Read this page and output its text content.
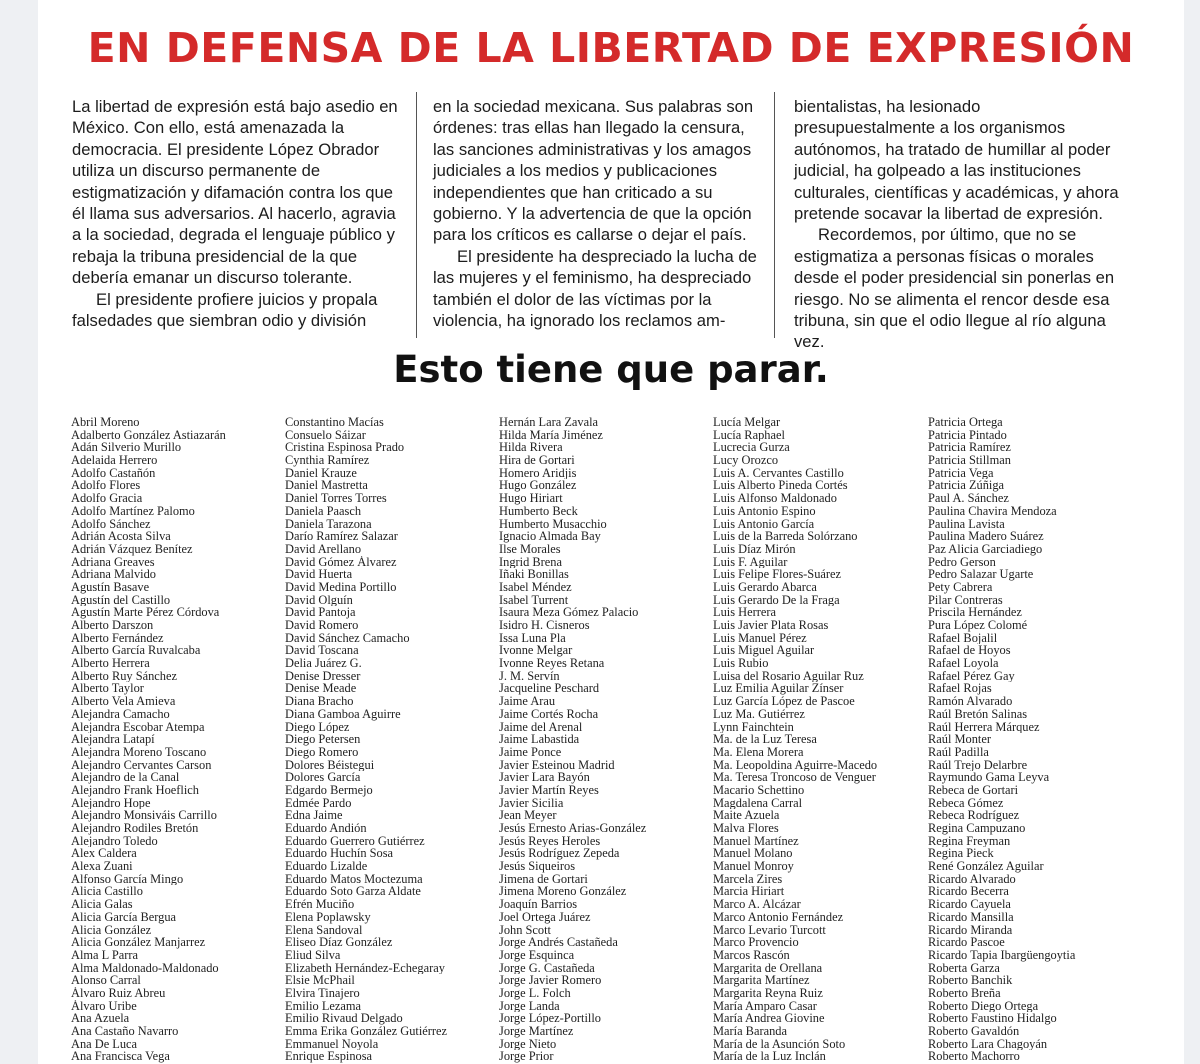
EN DEFENSA DE LA LIBERTAD DE EXPRESIÓN

La libertad de expresión está bajo asedio en México. Con ello, está amenazada la democracia. El presidente López Obrador utiliza un discurso permanente de estigmatización y difamación contra los que él llama sus adversarios. Al hacerlo, agravia a la sociedad, degrada el lenguaje público y rebaja la tribuna presidencial de la que debería emanar un discurso tolerante.

El presidente profiere juicios y propala falsedades que siembran odio y división

en la sociedad mexicana. Sus palabras son órdenes: tras ellas han llegado la censura, las sanciones administrativas y los amagos judiciales a los medios y publicaciones independientes que han criticado a su gobierno. Y la advertencia de que la opción para los críticos es callarse o dejar el país.

El presidente ha despreciado la lucha de las mujeres y el feminismo, ha despreciado también el dolor de las víctimas por la violencia, ha ignorado los reclamos am-

bientalistas, ha lesionado presupuestalmente a los organismos autónomos, ha tratado de humillar al poder judicial, ha golpeado a las instituciones culturales, científicas y académicas, y ahora pretende socavar la libertad de expresión.

Recordemos, por último, que no se estigmatiza a personas físicas o morales desde el poder presidencial sin ponerlas en riesgo. No se alimenta el rencor desde esa tribuna, sin que el odio llegue al río alguna vez.

Esto tiene que parar.
Abril Moreno
Adalberto González Astiazarán
Adán Silverio Murillo
Adelaida Herrero
Adolfo Castañón
Adolfo Flores
Adolfo Gracia
Adolfo Martínez Palomo
Adolfo Sánchez
Adrián Acosta Silva
Adrián Vázquez Benítez
Adriana Greaves
Adriana Malvido
Agustín Basave
Agustín del Castillo
Agustín Marte Pérez Córdova
Alberto Darszon
Alberto Fernández
Alberto García Ruvalcaba
Alberto Herrera
Alberto Ruy Sánchez
Alberto Taylor
Alberto Vela Amieva
Alejandra Camacho
Alejandra Escobar Atempa
Alejandra Latapí
Alejandra Moreno Toscano
Alejandro Cervantes Carson
Alejandro de la Canal
Alejandro Frank Hoeflich
Alejandro Hope
Alejandro Monsiváis Carrillo
Alejandro Rodiles Bretón
Alejandro Toledo
Alex Caldera
Alexa Zuani
Alfonso García Mingo
Alicia Castillo
Alicia Galas
Alicia García Bergua
Alicia González
Alicia González Manjarrez
Alma L Parra
Alma Maldonado-Maldonado
Alonso Carral
Álvaro Ruiz Abreu
Álvaro Uribe
Ana Azuela
Ana Castaño Navarro
Ana De Luca
Ana Francisca Vega
Constantino Macías
Consuelo Sáizar
Cristina Espinosa Prado
Cynthia Ramírez
Daniel Krauze
Daniel Mastretta
Daniel Torres Torres
Daniela Paasch
Daniela Tarazona
Darío Ramírez Salazar
David Arellano
David Gómez Álvarez
David Huerta
David Medina Portillo
David Olguín
David Pantoja
David Romero
David Sánchez Camacho
David Toscana
Delia Juárez G.
Denise Dresser
Denise Meade
Diana Bracho
Diana Gamboa Aguirre
Diego López
Diego Petersen
Diego Romero
Dolores Béistegui
Dolores García
Edgardo Bermejo
Edmée Pardo
Edna Jaime
Eduardo Andión
Eduardo Guerrero Gutiérrez
Eduardo Huchín Sosa
Eduardo Lizalde
Eduardo Matos Moctezuma
Eduardo Soto Garza Aldate
Efrén Muciño
Elena Poplawsky
Elena Sandoval
Eliseo Díaz González
Eliud Silva
Elizabeth Hernández-Echegaray
Elsie McPhail
Elvira Tinajero
Emilio Lezama
Emilio Rivaud Delgado
Emma Erika González Gutiérrez
Emmanuel Noyola
Enrique Espinosa
Hernán Lara Zavala
Hilda María Jiménez
Hilda Rivera
Hira de Gortari
Homero Aridjis
Hugo González
Hugo Hiriart
Humberto Beck
Humberto Musacchio
Ignacio Almada Bay
Ilse Morales
Ingrid Brena
Iñaki Bonillas
Isabel Méndez
Isabel Turrent
Isaura Meza Gómez Palacio
Isidro H. Cisneros
Issa Luna Pla
Ivonne Melgar
Ivonne Reyes Retana
J. M. Servín
Jacqueline Peschard
Jaime Arau
Jaime Cortés Rocha
Jaime del Arenal
Jaime Labastida
Jaime Ponce
Javier Esteinou Madrid
Javier Lara Bayón
Javier Martín Reyes
Javier Sicilia
Jean Meyer
Jesús Ernesto Arias-González
Jesús Reyes Heroles
Jesús Rodríguez Zepeda
Jesús Siqueiros
Jimena de Gortari
Jimena Moreno González
Joaquín Barrios
Joel Ortega Juárez
John Scott
Jorge Andrés Castañeda
Jorge Esquinca
Jorge G. Castañeda
Jorge Javier Romero
Jorge L. Folch
Jorge Landa
Jorge López-Portillo
Jorge Martínez
Jorge Nieto
Jorge Prior
Lucía Melgar
Lucía Raphael
Lucrecia Gurza
Lucy Orozco
Luis A. Cervantes Castillo
Luis Alberto Pineda Cortés
Luis Alfonso Maldonado
Luis Antonio Espino
Luis Antonio García
Luis de la Barreda Solórzano
Luis Díaz Mirón
Luis F. Aguilar
Luis Felipe Flores-Suárez
Luis Gerardo Abarca
Luis Gerardo De la Fraga
Luis Herrera
Luis Javier Plata Rosas
Luis Manuel Pérez
Luis Miguel Aguilar
Luis Rubio
Luisa del Rosario Aguilar Ruz
Luz Emilia Aguilar Zínser
Luz García López de Pascoe
Luz Ma. Gutiérrez
Lynn Fainchtein
Ma. de la Luz Teresa
Ma. Elena Morera
Ma. Leopoldina Aguirre-Macedo
Ma. Teresa Troncoso de Venguer
Macario Schettino
Magdalena Carral
Maite Azuela
Malva Flores
Manuel Martínez
Manuel Molano
Manuel Monroy
Marcela Zires
Marcia Hiriart
Marco A. Alcázar
Marco Antonio Fernández
Marco Levario Turcott
Marco Provencio
Marcos Rascón
Margarita de Orellana
Margarita Martínez
Margarita Reyna Ruiz
María Amparo Casar
María Andrea Giovine
María Baranda
María de la Asunción Soto
María de la Luz Inclán
Patricia Ortega
Patricia Pintado
Patricia Ramírez
Patricia Stillman
Patricia Vega
Patricia Zúñiga
Paul A. Sánchez
Paulina Chavira Mendoza
Paulina Lavista
Paulina Madero Suárez
Paz Alicia Garciadiego
Pedro Gerson
Pedro Salazar Ugarte
Pety Cabrera
Pilar Contreras
Priscila Hernández
Pura López Colomé
Rafael Bojalil
Rafael de Hoyos
Rafael Loyola
Rafael Pérez Gay
Rafael Rojas
Ramón Alvarado
Raúl Bretón Salinas
Raúl Herrera Márquez
Raúl Monter
Raúl Padilla
Raúl Trejo Delarbre
Raymundo Gama Leyva
Rebeca de Gortari
Rebeca Gómez
Rebeca Rodríguez
Regina Campuzano
Regina Freyman
Regina Pieck
René González Aguilar
Ricardo Alvarado
Ricardo Becerra
Ricardo Cayuela
Ricardo Mansilla
Ricardo Miranda
Ricardo Pascoe
Ricardo Tapia Ibargüengoytia
Roberta Garza
Roberto Banchik
Roberto Breña
Roberto Diego Ortega
Roberto Faustino Hidalgo
Roberto Gavaldón
Roberto Lara Chagoyán
Roberto Machorro
